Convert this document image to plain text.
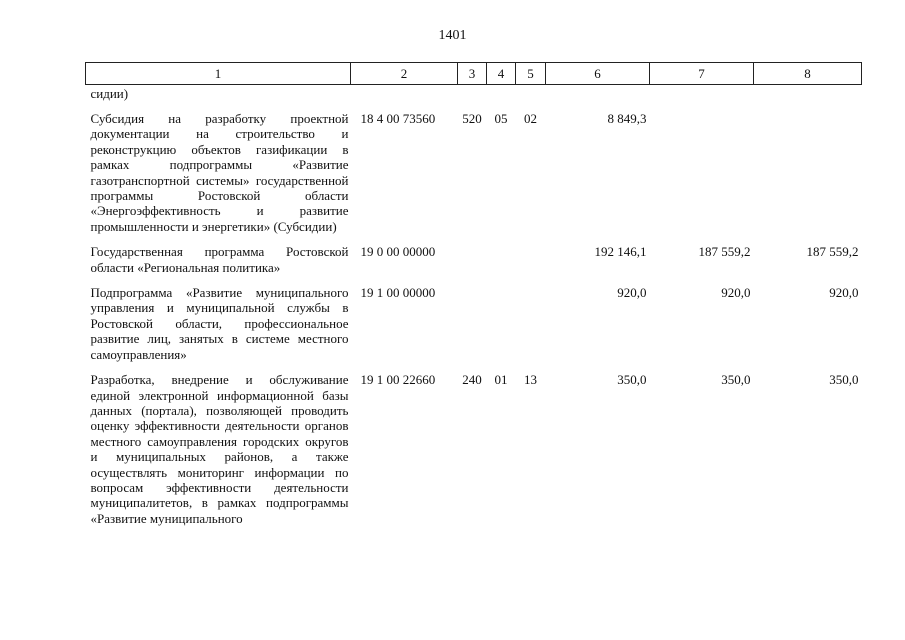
1401
1	2	3	4	5	6	7	8
сидии)							

Субсидия на разработку проектной документации на строительство и реконструкцию объектов газификации в рамках подпрограммы «Развитие газотранспортной системы» государственной программы Ростовской области «Энергоэффективность и развитие промышленности и энергетики» (Субсидии)	18 4 00 73560	520	05	02	8 849,3		

Государственная программа Ростовской области «Региональная политика»	19 0 00 00000				192 146,1	187 559,2	187 559,2

Подпрограмма «Развитие муниципального управления и муниципальной службы в Ростовской области, профессиональное развитие лиц, занятых в системе местного самоуправления»	19 1 00 00000				920,0	920,0	920,0

Разработка, внедрение и обслуживание единой электронной информационной базы данных (портала), позволяющей проводить оценку эффективности деятельности органов местного самоуправления городских округов и муниципальных районов, а также осуществлять мониторинг информации по вопросам эффективности деятельности муниципалитетов, в рамках подпрограммы «Развитие муниципального	19 1 00 22660	240	01	13	350,0	350,0	350,0
